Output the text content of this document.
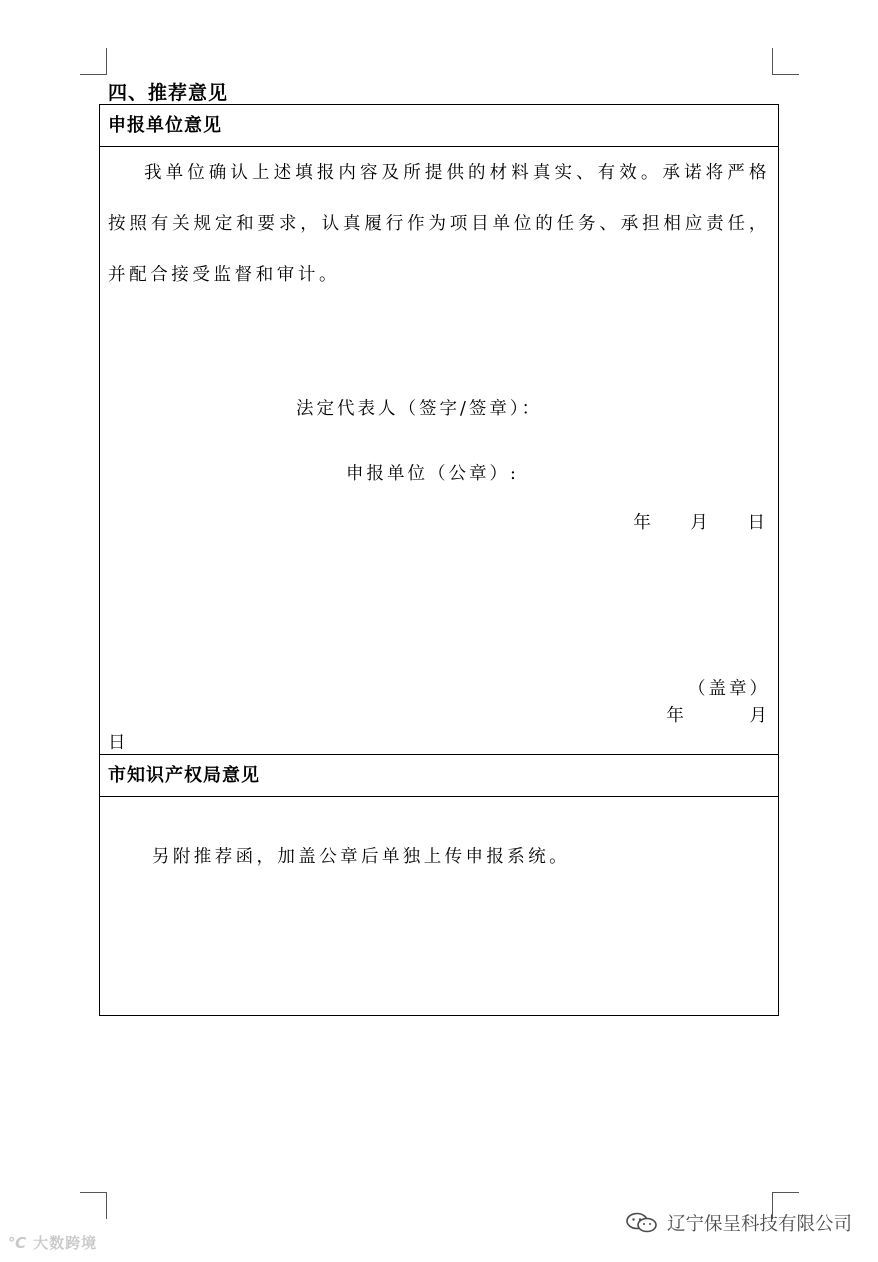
四、推荐意见
申报单位意见
我单位确认上述填报内容及所提供的材料真实、有效。承诺将严格按照有关规定和要求，认真履行作为项目单位的任务、承担相应责任，并配合接受监督和审计。
法定代表人（签字/签章）：
申报单位（公章）:
年 月 日
（盖章）
年 月
日
市知识产权局意见
另附推荐函，加盖公章后单独上传申报系统。
℃ 大数跨境
辽宁保呈科技有限公司
